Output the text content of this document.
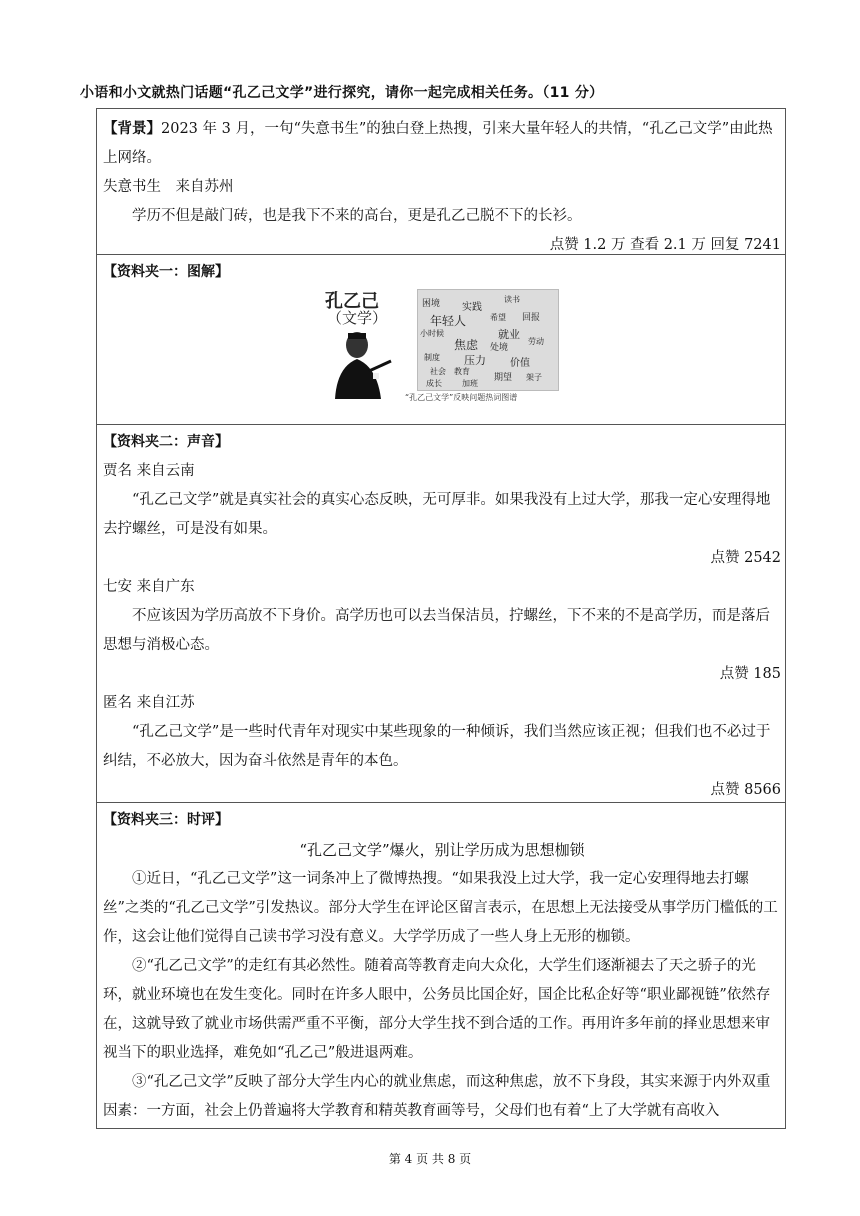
小语和小文就热门话题“孔乙己文学”进行探究，请你一起完成相关任务。（11 分）
【背景】2023 年 3 月，一句“失意书生”的独白登上热搜，引来大量年轻人的共情，“孔乙己文学”由此热上网络。
失意书生　来自苏州
学历不但是敲门砖，也是我下不来的高台，更是孔乙己脱不下的长衫。
点赞 1.2 万 查看 2.1 万 回复 7241
【资料夹一：图解】
孔乙己
（文学）
困境 实践
读书
年轻人	希望 回报
小时候	就业
焦虑 处境
劳动
制度 压力 价值
社会 教育
成长	加班
期望 架子
“孔乙己文学”反映问题热词图谱
【资料夹二：声音】
贾名 来自云南
“孔乙己文学”就是真实社会的真实心态反映，无可厚非。如果我没有上过大学，那我一定心安理得地去拧螺丝，可是没有如果。
点赞 2542
七安 来自广东
不应该因为学历高放不下身价。高学历也可以去当保洁员，拧螺丝，下不来的不是高学历，而是落后思想与消极心态。
点赞 185
匿名 来自江苏
“孔乙己文学”是一些时代青年对现实中某些现象的一种倾诉，我们当然应该正视；但我们也不必过于纠结，不必放大，因为奋斗依然是青年的本色。
点赞 8566
【资料夹三：时评】
“孔乙己文学”爆火，别让学历成为思想枷锁
①近日，“孔乙己文学”这一词条冲上了微博热搜。“如果我没上过大学，我一定心安理得地去打螺丝”之类的“孔乙己文学”引发热议。部分大学生在评论区留言表示，在思想上无法接受从事学历门槛低的工作，这会让他们觉得自己读书学习没有意义。大学学历成了一些人身上无形的枷锁。
②“孔乙己文学”的走红有其必然性。随着高等教育走向大众化，大学生们逐渐褪去了天之骄子的光环，就业环境也在发生变化。同时在许多人眼中，公务员比国企好，国企比私企好等“职业鄙视链”依然存在，这就导致了就业市场供需严重不平衡，部分大学生找不到合适的工作。再用许多年前的择业思想来审视当下的职业选择，难免如“孔乙己”般进退两难。
③“孔乙己文学”反映了部分大学生内心的就业焦虑，而这种焦虑，放不下身段，其实来源于内外双重因素：一方面，社会上仍普遍将大学教育和精英教育画等号，父母们也有着“上了大学就有高收入
第 4 页 共 8 页
